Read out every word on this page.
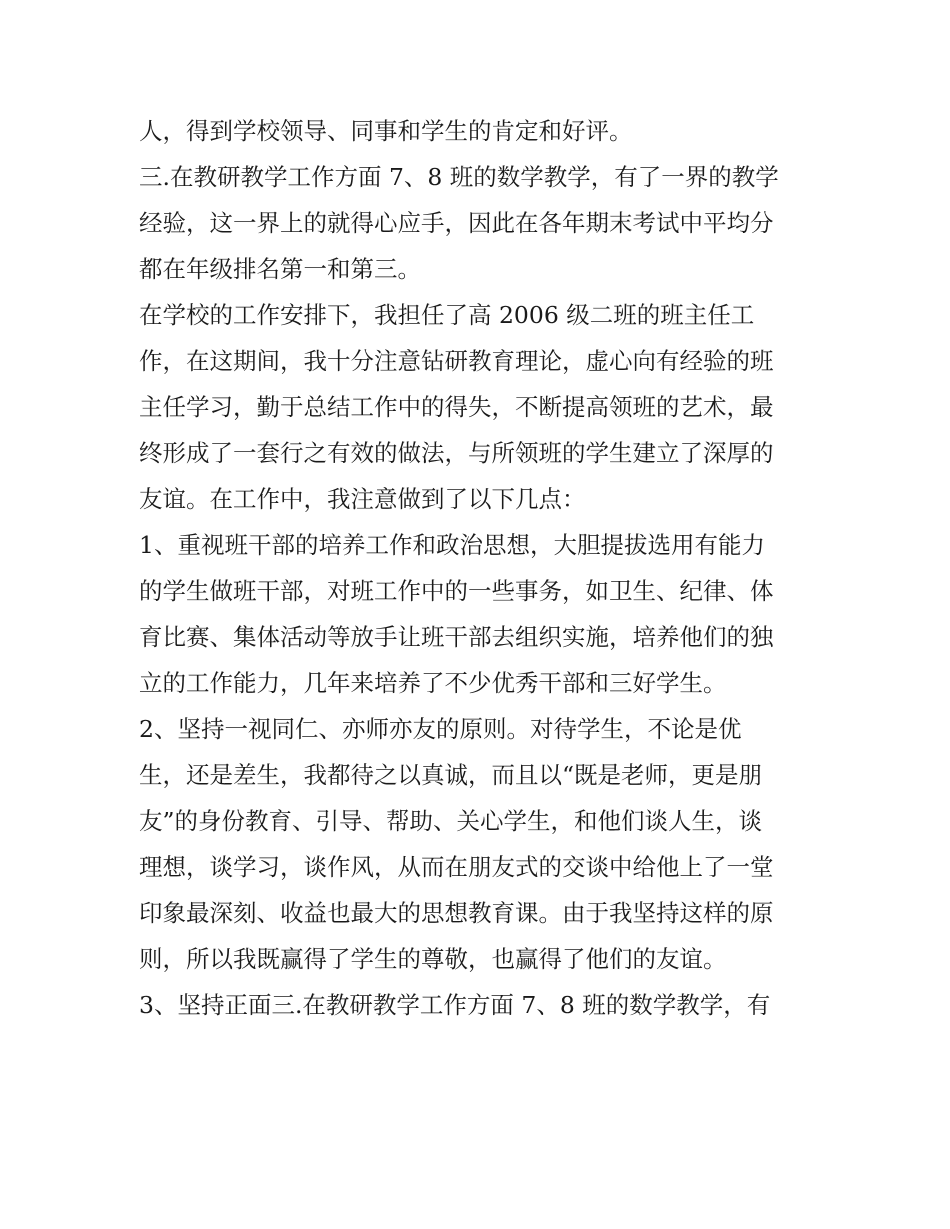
人，得到学校领导、同事和学生的肯定和好评。
三.在教研教学工作方面 7、8 班的数学教学，有了一界的教学
经验，这一界上的就得心应手，因此在各年期末考试中平均分
都在年级排名第一和第三。
在学校的工作安排下，我担任了高 2006 级二班的班主任工
作，在这期间，我十分注意钻研教育理论，虚心向有经验的班
主任学习，勤于总结工作中的得失，不断提高领班的艺术，最
终形成了一套行之有效的做法，与所领班的学生建立了深厚的
友谊。在工作中，我注意做到了以下几点：
1、重视班干部的培养工作和政治思想，大胆提拔选用有能力
的学生做班干部，对班工作中的一些事务，如卫生、纪律、体
育比赛、集体活动等放手让班干部去组织实施，培养他们的独
立的工作能力，几年来培养了不少优秀干部和三好学生。
2、坚持一视同仁、亦师亦友的原则。对待学生，不论是优
生，还是差生，我都待之以真诚，而且以“既是老师，更是朋
友”的身份教育、引导、帮助、关心学生，和他们谈人生，谈
理想，谈学习，谈作风，从而在朋友式的交谈中给他上了一堂
印象最深刻、收益也最大的思想教育课。由于我坚持这样的原
则，所以我既赢得了学生的尊敬，也赢得了他们的友谊。
3、坚持正面三.在教研教学工作方面 7、8 班的数学教学，有
